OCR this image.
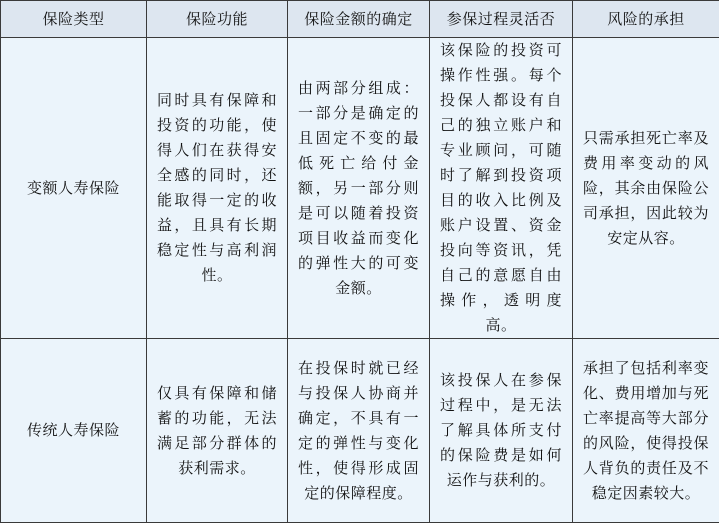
保险类型	保险功能	保险金额的确定	参保过程灵活否	风险的承担
变额人寿保险	同时具有保障和投资的功能，使得人们在获得安全感的同时，还能取得一定的收益，且具有长期稳定性与高利润性。	由两部分组成：一部分是确定的且固定不变的最低死亡给付金额，另一部分则是可以随着投资项目收益而变化的弹性大的可变金额。	该保险的投资可操作性强。每个投保人都设有自己的独立账户和专业顾问，可随时了解到投资项目的收入比例及账户设置、资金投向等资讯，凭自己的意愿自由操作，透明度高。	只需承担死亡率及费用率变动的风险，其余由保险公司承担，因此较为安定从容。
传统人寿保险	仅具有保障和储蓄的功能，无法满足部分群体的获利需求。	在投保时就已经与投保人协商并确定，不具有一定的弹性与变化性，使得形成固定的保障程度。	该投保人在参保过程中，是无法了解具体所支付的保险费是如何运作与获利的。	承担了包括利率变化、费用增加与死亡率提高等大部分的风险，使得投保人背负的责任及不稳定因素较大。
